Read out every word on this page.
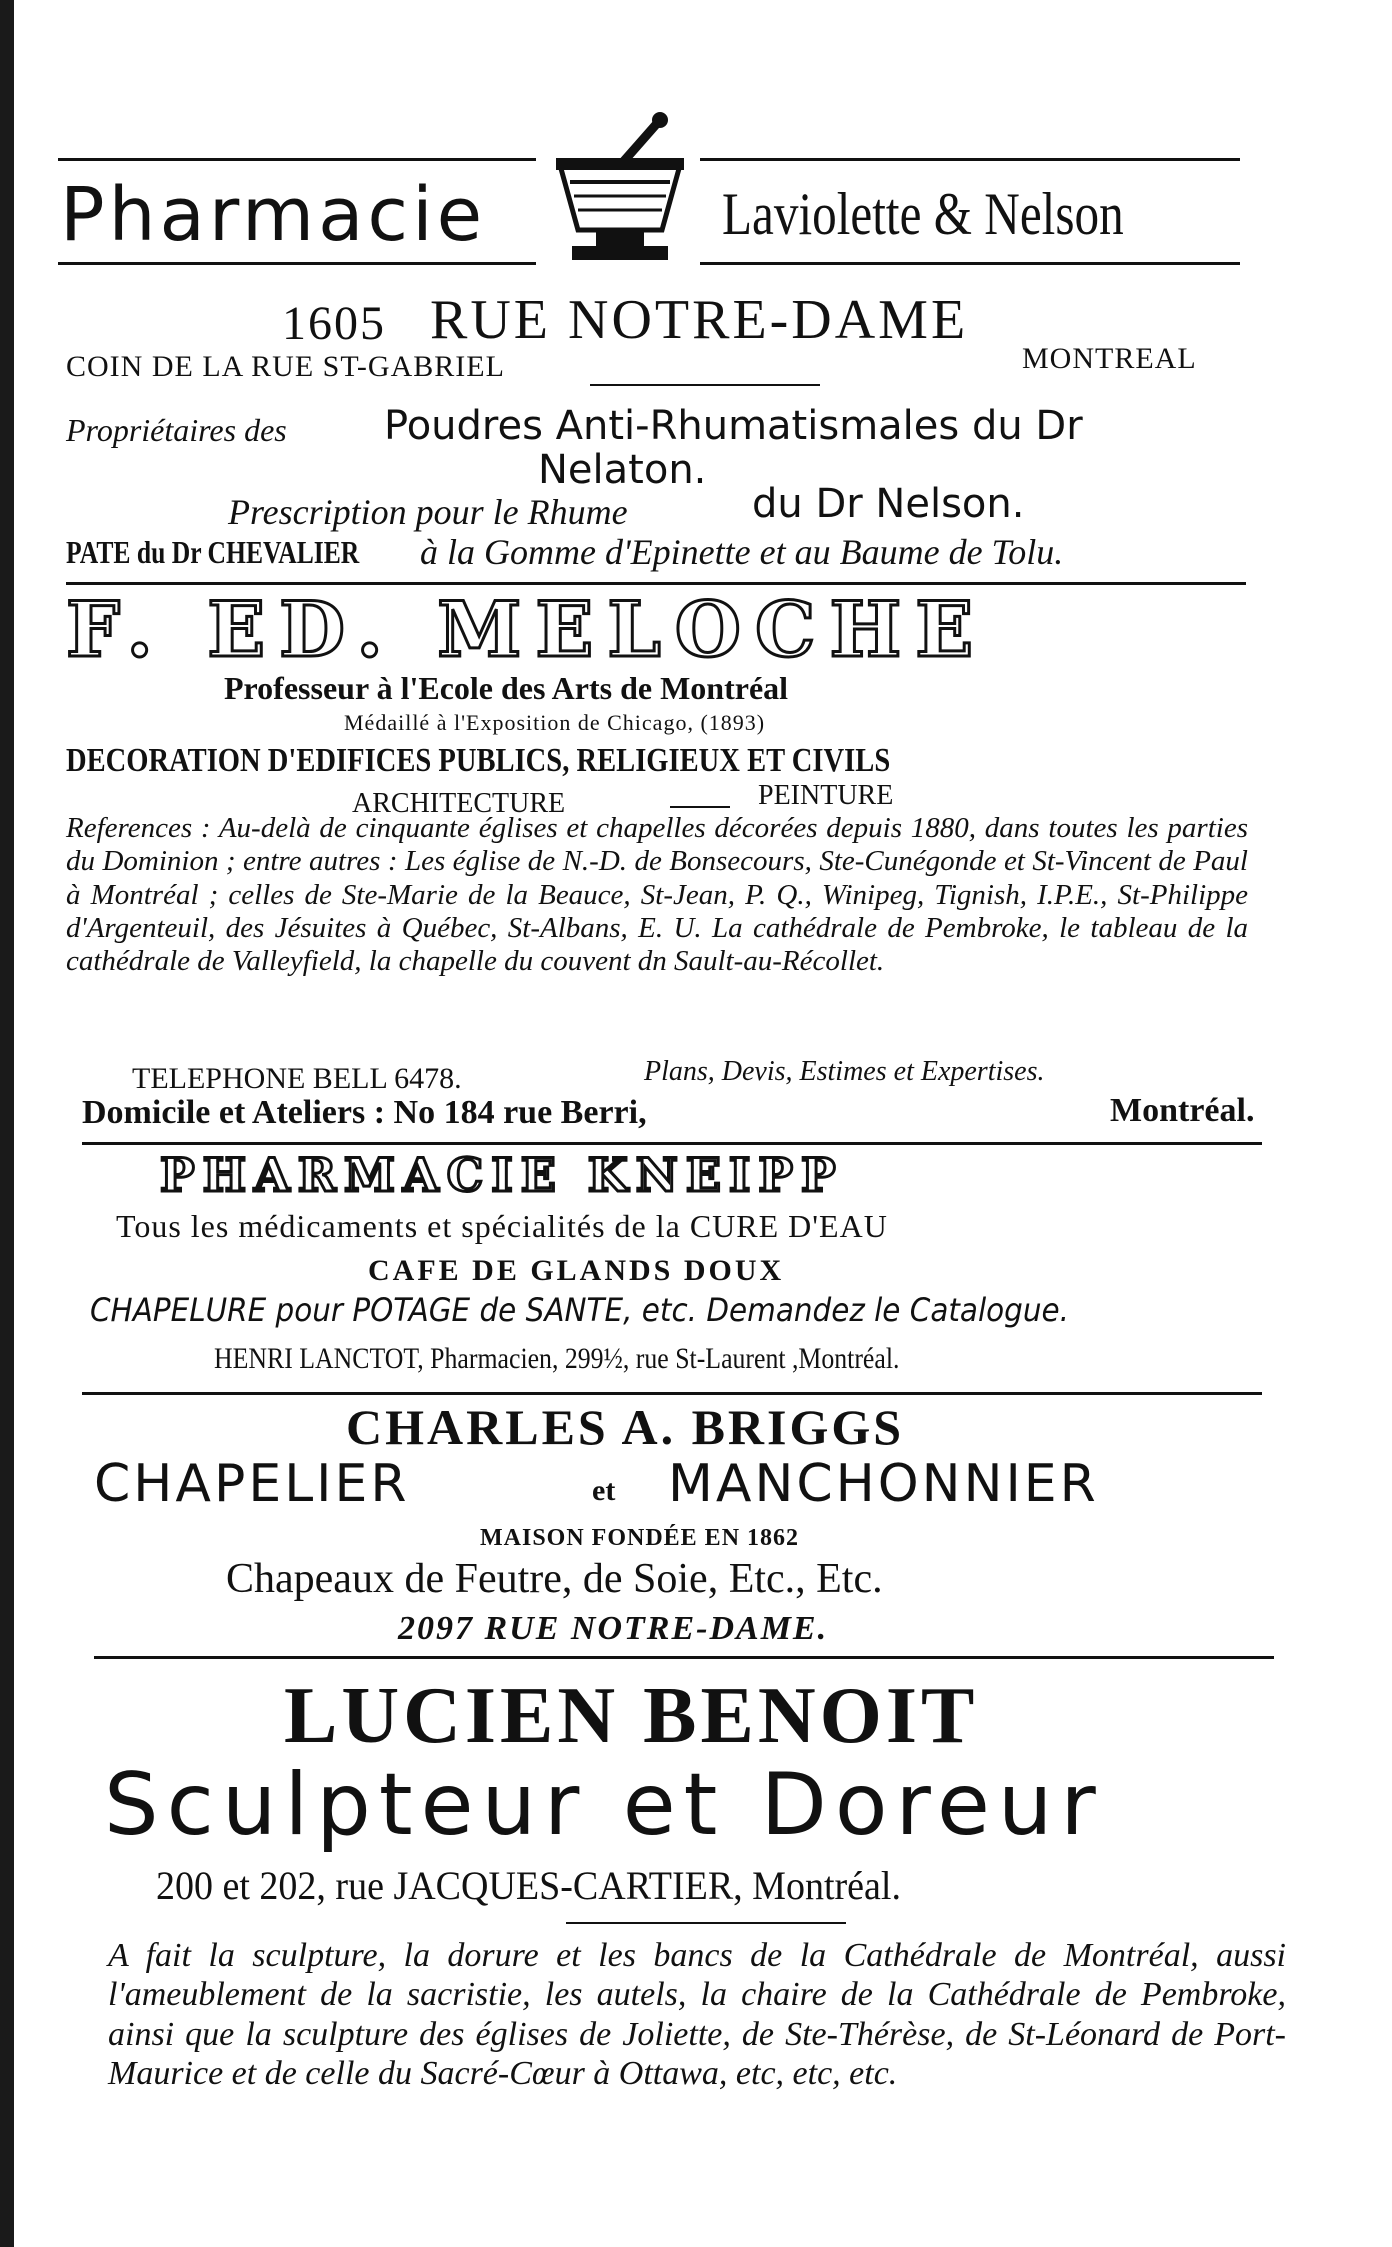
Pharmacie	Laviolette & Nelson
1605 RUE NOTRE-DAME
COIN DE LA RUE ST-GABRIEL	MONTREAL
Propriétaires des Poudres Anti-Rhumatismales du Dr
Nelaton.
Prescription pour le Rhume	du Dr Nelson.
PATE du Dr CHEVALIER à la Gomme d'Epinette et au Baume de Tolu.
F. ED. MELOCHE
Professeur à l'Ecole des Arts de Montréal
Médaillé à l'Exposition de Chicago, (1893)
DECORATION D'EDIFICES PUBLICS, RELIGIEUX ET CIVILS
ARCHITECTURE	PEINTURE
References : Au-delà de cinquante églises et chapelles décorées depuis 1880, dans toutes les parties du Dominion ; entre autres : Les église de N.-D. de Bonsecours, Ste-Cunégonde et St-Vincent de Paul à Montréal ; celles de Ste-Marie de la Beauce, St-Jean, P. Q., Winipeg, Tignish, I.P.E., St-Philippe d'Argenteuil, des Jésuites à Québec, St-Albans, E. U. La cathédrale de Pembroke, le tableau de la cathédrale de Valleyfield, la chapelle du couvent dn Sault-au-Récollet.
TELEPHONE BELL 6478.	Plans, Devis, Estimes et Expertises.
Domicile et Ateliers : No 184 rue Berri,	Montréal.
PHARMACIE KNEIPP
Tous les médicaments et spécialités de la CURE D'EAU
CAFE DE GLANDS DOUX
CHAPELURE pour POTAGE de SANTE, etc. Demandez le Catalogue.
HENRI LANCTOT, Pharmacien, 299½, rue St-Laurent ,Montréal.
CHARLES A. BRIGGS
CHAPELIER	et MANCHONNIER
MAISON FONDÉE EN 1862
Chapeaux de Feutre, de Soie, Etc., Etc.
2097 RUE NOTRE-DAME.
LUCIEN BENOIT
Sculpteur et Doreur
200 et 202, rue JACQUES-CARTIER, Montréal.
A fait la sculpture, la dorure et les bancs de la Cathédrale de Montréal, aussi l'ameublement de la sacristie, les autels, la chaire de la Cathédrale de Pembroke, ainsi que la sculpture des églises de Joliette, de Ste-Thérèse, de St-Léonard de Port-Maurice et de celle du Sacré-Cœur à Ottawa, etc, etc, etc.
